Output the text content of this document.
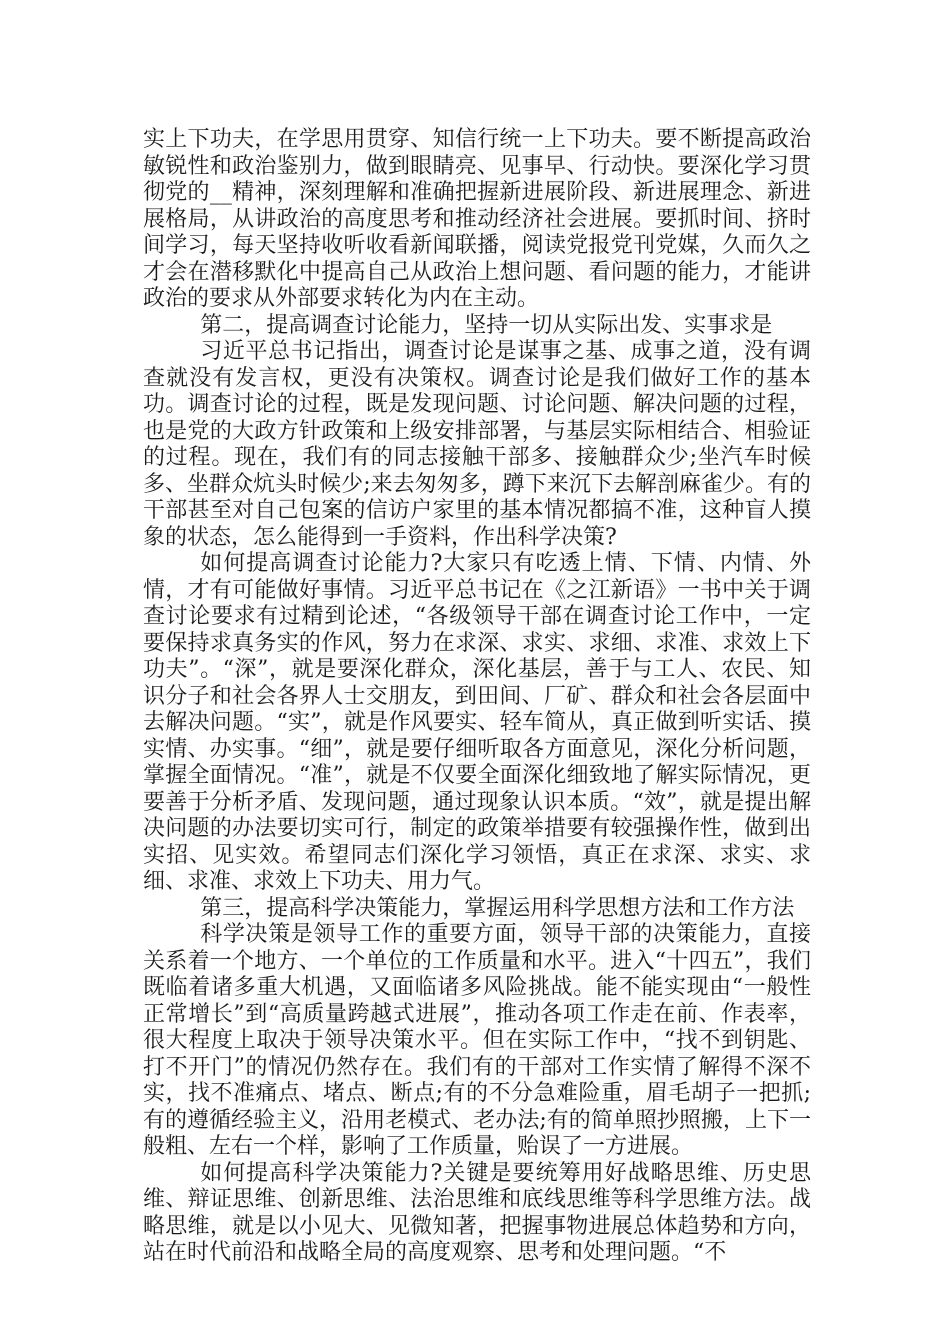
实上下功夫，在学思用贯穿、知信行统一上下功夫。要不断提高政治敏锐性和政治鉴别力，做到眼睛亮、见事早、行动快。要深化学习贯彻党的__精神，深刻理解和准确把握新进展阶段、新进展理念、新进展格局，从讲政治的高度思考和推动经济社会进展。要抓时间、挤时间学习，每天坚持收听收看新闻联播，阅读党报党刊党媒，久而久之才会在潜移默化中提高自己从政治上想问题、看问题的能力，才能讲政治的要求从外部要求转化为内在主动。

第二，提高调查讨论能力，坚持一切从实际出发、实事求是

习近平总书记指出，调查讨论是谋事之基、成事之道，没有调查就没有发言权，更没有决策权。调查讨论是我们做好工作的基本功。调查讨论的过程，既是发现问题、讨论问题、解决问题的过程，也是党的大政方针政策和上级安排部署，与基层实际相结合、相验证的过程。现在，我们有的同志接触干部多、接触群众少;坐汽车时候多、坐群众炕头时候少;来去匆匆多，蹲下来沉下去解剖麻雀少。有的干部甚至对自己包案的信访户家里的基本情况都搞不准，这种盲人摸象的状态，怎么能得到一手资料，作出科学决策?

如何提高调查讨论能力?大家只有吃透上情、下情、内情、外情，才有可能做好事情。习近平总书记在《之江新语》一书中关于调查讨论要求有过精到论述，“各级领导干部在调查讨论工作中，一定要保持求真务实的作风，努力在求深、求实、求细、求准、求效上下功夫”。“深”，就是要深化群众，深化基层，善于与工人、农民、知识分子和社会各界人士交朋友，到田间、厂矿、群众和社会各层面中去解决问题。“实”，就是作风要实、轻车简从，真正做到听实话、摸实情、办实事。“细”，就是要仔细听取各方面意见，深化分析问题，掌握全面情况。“准”，就是不仅要全面深化细致地了解实际情况，更要善于分析矛盾、发现问题，通过现象认识本质。“效”，就是提出解决问题的办法要切实可行，制定的政策举措要有较强操作性，做到出实招、见实效。希望同志们深化学习领悟，真正在求深、求实、求细、求准、求效上下功夫、用力气。

第三，提高科学决策能力，掌握运用科学思想方法和工作方法

科学决策是领导工作的重要方面，领导干部的决策能力，直接关系着一个地方、一个单位的工作质量和水平。进入“十四五”，我们既临着诸多重大机遇，又面临诸多风险挑战。能不能实现由“一般性正常增长”到“高质量跨越式进展”，推动各项工作走在前、作表率，很大程度上取决于领导决策水平。但在实际工作中，“找不到钥匙、打不开门”的情况仍然存在。我们有的干部对工作实情了解得不深不实，找不准痛点、堵点、断点;有的不分急难险重，眉毛胡子一把抓;有的遵循经验主义，沿用老模式、老办法;有的简单照抄照搬，上下一般粗、左右一个样，影响了工作质量，贻误了一方进展。

如何提高科学决策能力?关键是要统筹用好战略思维、历史思维、辩证思维、创新思维、法治思维和底线思维等科学思维方法。战略思维，就是以小见大、见微知著，把握事物进展总体趋势和方向，站在时代前沿和战略全局的高度观察、思考和处理问题。“不
